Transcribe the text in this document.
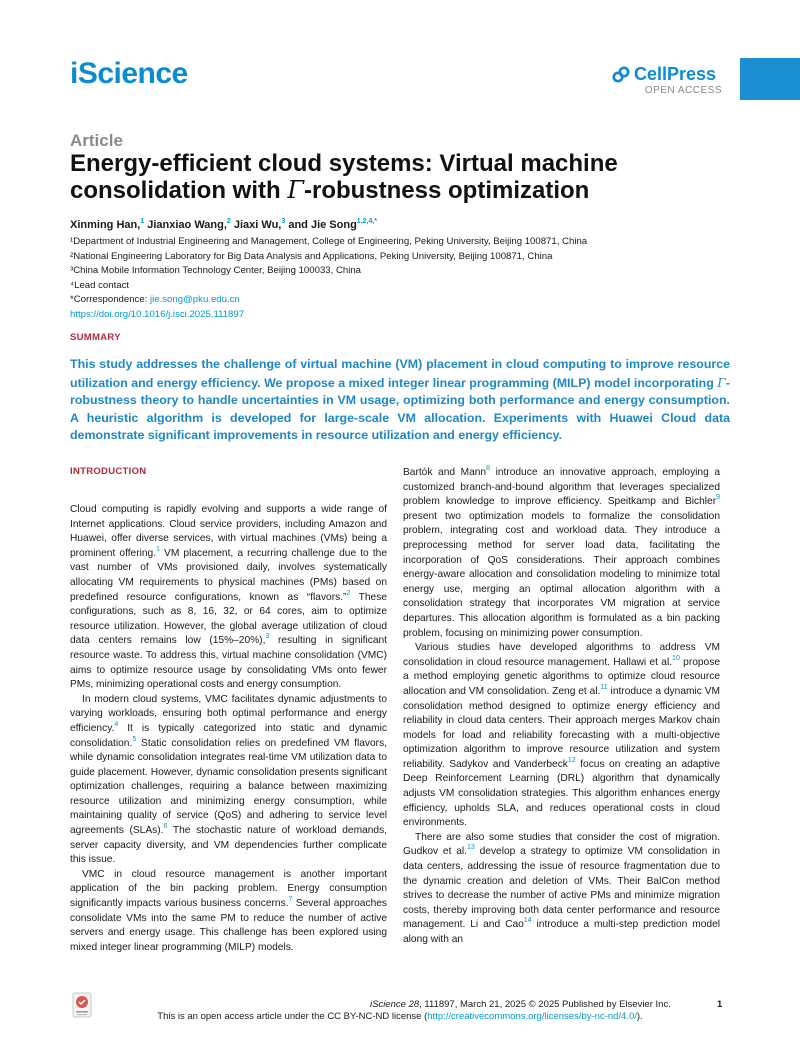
iScience	CellPress
OPEN ACCESS
Article
Energy-efficient cloud systems: Virtual machine consolidation with Γ-robustness optimization
Xinming Han,$^1$ Jianxiao Wang,$^2$ Jiaxi Wu,$^3$ and Jie Song$^{1,2,4,*}$
¹Department of Industrial Engineering and Management, College of Engineering, Peking University, Beijing 100871, China
²National Engineering Laboratory for Big Data Analysis and Applications, Peking University, Beijing 100871, China
³China Mobile Information Technology Center, Beijing 100033, China
⁴Lead contact
*Correspondence: jie.song@pku.edu.cn
https://doi.org/10.1016/j.isci.2025.111897
SUMMARY
This study addresses the challenge of virtual machine (VM) placement in cloud computing to improve resource utilization and energy efficiency. We propose a mixed integer linear programming (MILP) model incorporating Γ-robustness theory to handle uncertainties in VM usage, optimizing both performance and energy consumption. A heuristic algorithm is developed for large-scale VM allocation. Experiments with Huawei Cloud data demonstrate significant improvements in resource utilization and energy efficiency.
INTRODUCTION

Cloud computing is rapidly evolving and supports a wide range of Internet applications. Cloud service providers, including Amazon and Huawei, offer diverse services, with virtual machines (VMs) being a prominent offering.$^1$ VM placement, a recurring challenge due to the vast number of VMs provisioned daily, involves systematically allocating VM requirements to physical machines (PMs) based on predefined resource configurations, known as “flavors.”$^2$ These configurations, such as 8, 16, 32, or 64 cores, aim to optimize resource utilization. However, the global average utilization of cloud data centers remains low (15%–20%),$^3$ resulting in significant resource waste. To address this, virtual machine consolidation (VMC) aims to optimize resource usage by consolidating VMs onto fewer PMs, minimizing operational costs and energy consumption.

In modern cloud systems, VMC facilitates dynamic adjustments to varying workloads, ensuring both optimal performance and energy efficiency.$^4$ It is typically categorized into static and dynamic consolidation.$^5$ Static consolidation relies on predefined VM flavors, while dynamic consolidation integrates real-time VM utilization data to guide placement. However, dynamic consolidation presents significant optimization challenges, requiring a balance between maximizing resource utilization and minimizing energy consumption, while maintaining quality of service (QoS) and adhering to service level agreements (SLAs).$^6$ The stochastic nature of workload demands, server capacity diversity, and VM dependencies further complicate this issue.

VMC in cloud resource management is another important application of the bin packing problem. Energy consumption significantly impacts various business concerns.$^7$ Several approaches consolidate VMs into the same PM to reduce the number of active servers and energy usage. This challenge has been explored using mixed integer linear programming (MILP) models.

Bartók and Mann$^8$ introduce an innovative approach, employing a customized branch-and-bound algorithm that leverages specialized problem knowledge to improve efficiency. Speitkamp and Bichler$^9$ present two optimization models to formalize the consolidation problem, integrating cost and workload data. They introduce a preprocessing method for server load data, facilitating the incorporation of QoS considerations. Their approach combines energy-aware allocation and consolidation modeling to minimize total energy use, merging an optimal allocation algorithm with a consolidation strategy that incorporates VM migration at service departures. This allocation algorithm is formulated as a bin packing problem, focusing on minimizing power consumption.

Various studies have developed algorithms to address VM consolidation in cloud resource management. Hallawi et al.$^{10}$ propose a method employing genetic algorithms to optimize cloud resource allocation and VM consolidation. Zeng et al.$^{11}$ introduce a dynamic VM consolidation method designed to optimize energy efficiency and reliability in cloud data centers. Their approach merges Markov chain models for load and reliability forecasting with a multi-objective optimization algorithm to improve resource utilization and system reliability. Sadykov and Vanderbeck$^{12}$ focus on creating an adaptive Deep Reinforcement Learning (DRL) algorithm that dynamically adjusts VM consolidation strategies. This algorithm enhances energy efficiency, upholds SLA, and reduces operational costs in cloud environments.

There are also some studies that consider the cost of migration. Gudkov et al.$^{13}$ develop a strategy to optimize VM consolidation in data centers, addressing the issue of resource fragmentation due to the dynamic creation and deletion of VMs. Their BalCon method strives to decrease the number of active PMs and minimize migration costs, thereby improving both data center performance and resource management. Li and Cao$^{14}$ introduce a multi-step prediction model along with an

iScience 28, 111897, March 21, 2025 © 2025 Published by Elsevier Inc.	1
This is an open access article under the CC BY-NC-ND license (http://creativecommons.org/licenses/by-nc-nd/4.0/).
